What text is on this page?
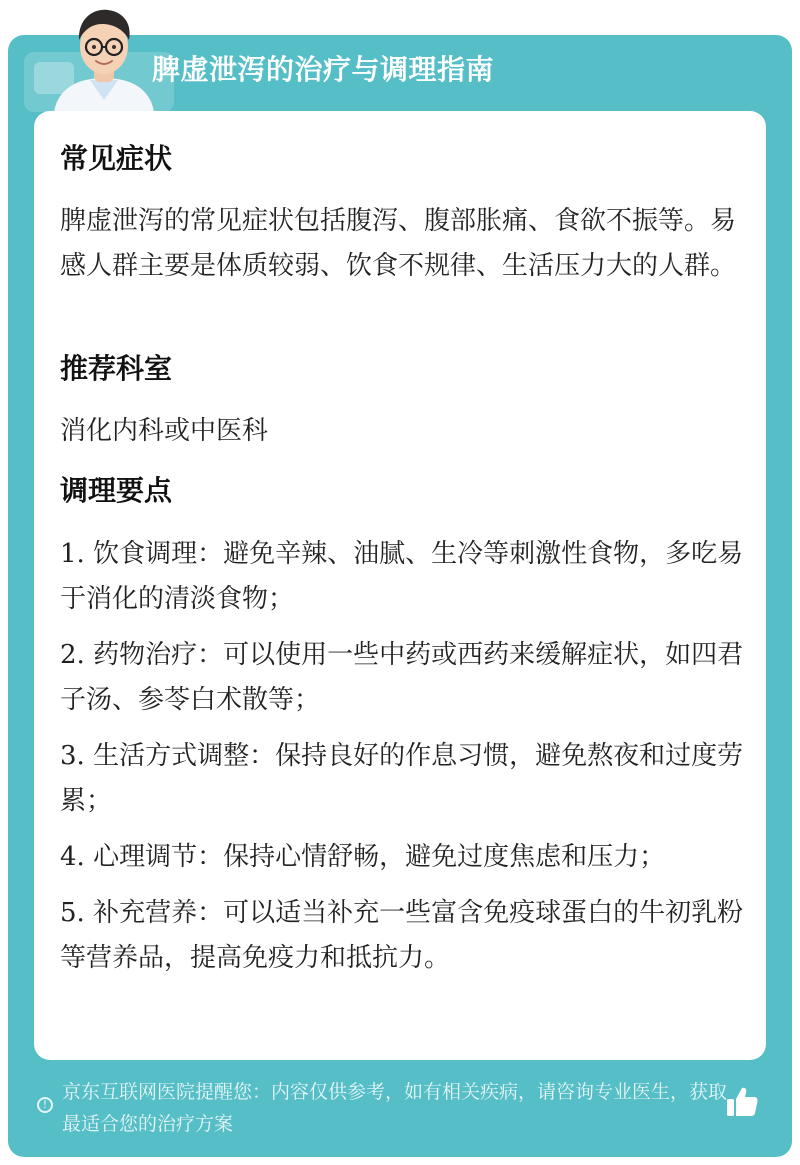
脾虚泄泻的治疗与调理指南
常见症状

脾虚泄泻的常见症状包括腹泻、腹部胀痛、食欲不振等。易感人群主要是体质较弱、饮食不规律、生活压力大的人群。

推荐科室

消化内科或中医科

调理要点
1. 饮食调理：避免辛辣、油腻、生冷等刺激性食物，多吃易于消化的清淡食物；
2. 药物治疗：可以使用一些中药或西药来缓解症状，如四君子汤、参苓白术散等；
3. 生活方式调整：保持良好的作息习惯，避免熬夜和过度劳累；
4. 心理调节：保持心情舒畅，避免过度焦虑和压力；
5. 补充营养：可以适当补充一些富含免疫球蛋白的牛初乳粉等营养品，提高免疫力和抵抗力。
!
京东互联网医院提醒您：内容仅供参考，如有相关疾病，请咨询专业医生，获取最适合您的治疗方案
